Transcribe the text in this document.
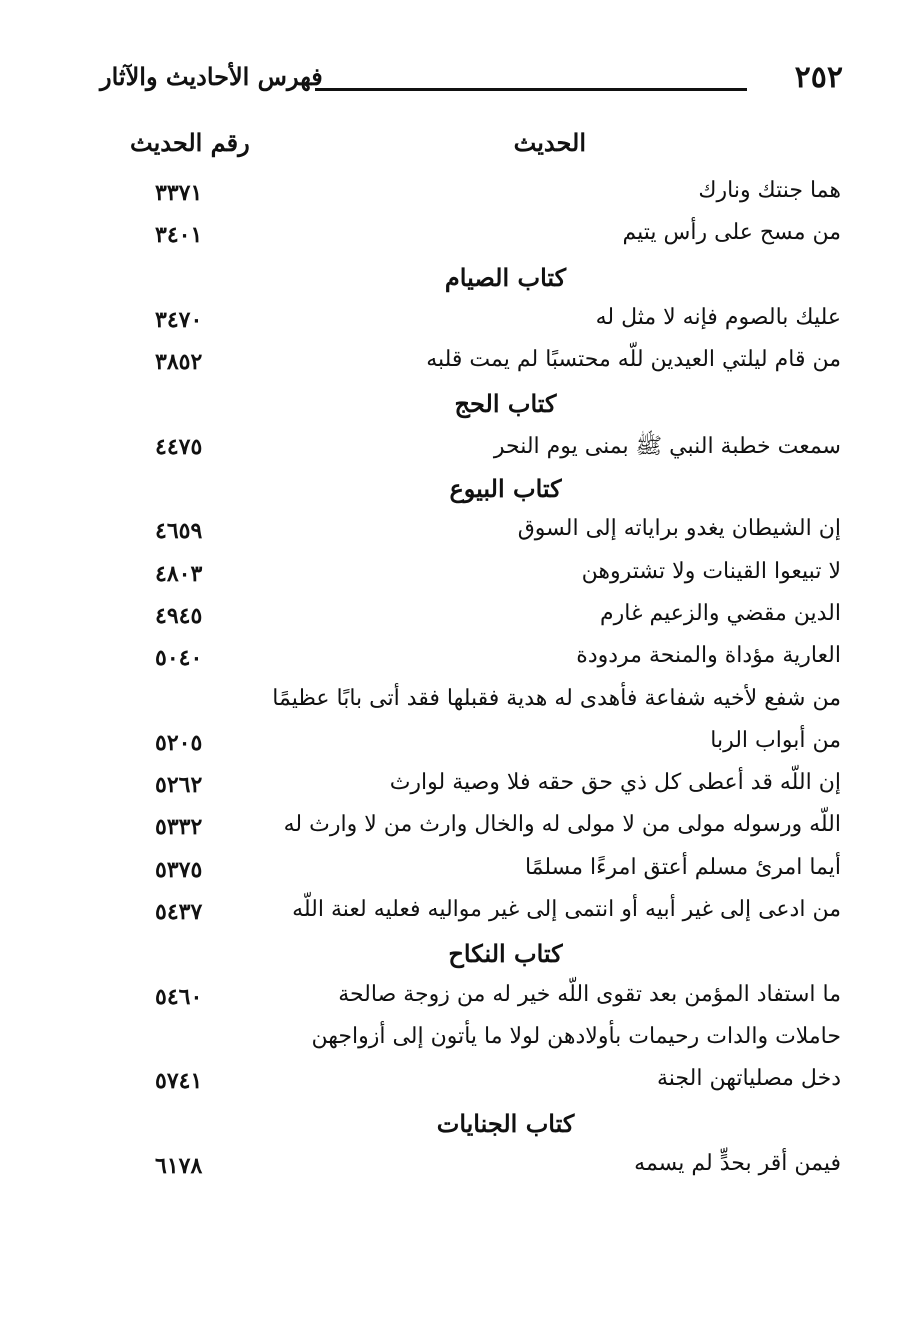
٢٥٢
فهرس الأحاديث والآثار
الحديث
رقم الحديث
هما جنتك ونارك
٣٣٧١
من مسح على رأس يتيم
٣٤٠١
كتاب الصيام
عليك بالصوم فإنه لا مثل له
٣٤٧٠
من قام ليلتي العيدين للّه محتسبًا لم يمت قلبه
٣٨٥٢
كتاب الحج
سمعت خطبة النبي ﷺ بمنى يوم النحر
٤٤٧٥
كتاب البيوع
إن الشيطان يغدو براياته إلى السوق
٤٦٥٩
لا تبيعوا القينات ولا تشتروهن
٤٨٠٣
الدين مقضي والزعيم غارم
٤٩٤٥
العارية مؤداة والمنحة مردودة
٥٠٤٠
من شفع لأخيه شفاعة فأهدى له هدية فقبلها فقد أتى بابًا عظيمًا
من أبواب الربا
٥٢٠٥
إن اللّه قد أعطى كل ذي حق حقه فلا وصية لوارث
٥٢٦٢
اللّه ورسوله مولى من لا مولى له والخال وارث من لا وارث له
٥٣٣٢
أيما امرئ مسلم أعتق امرءًا مسلمًا
٥٣٧٥
من ادعى إلى غير أبيه أو انتمى إلى غير مواليه فعليه لعنة اللّه
٥٤٣٧
كتاب النكاح
ما استفاد المؤمن بعد تقوى اللّه خير له من زوجة صالحة
٥٤٦٠
حاملات والدات رحيمات بأولادهن لولا ما يأتون إلى أزواجهن
دخل مصلياتهن الجنة
٥٧٤١
كتاب الجنايات
فيمن أقر بحدٍّ لم يسمه
٦١٧٨
